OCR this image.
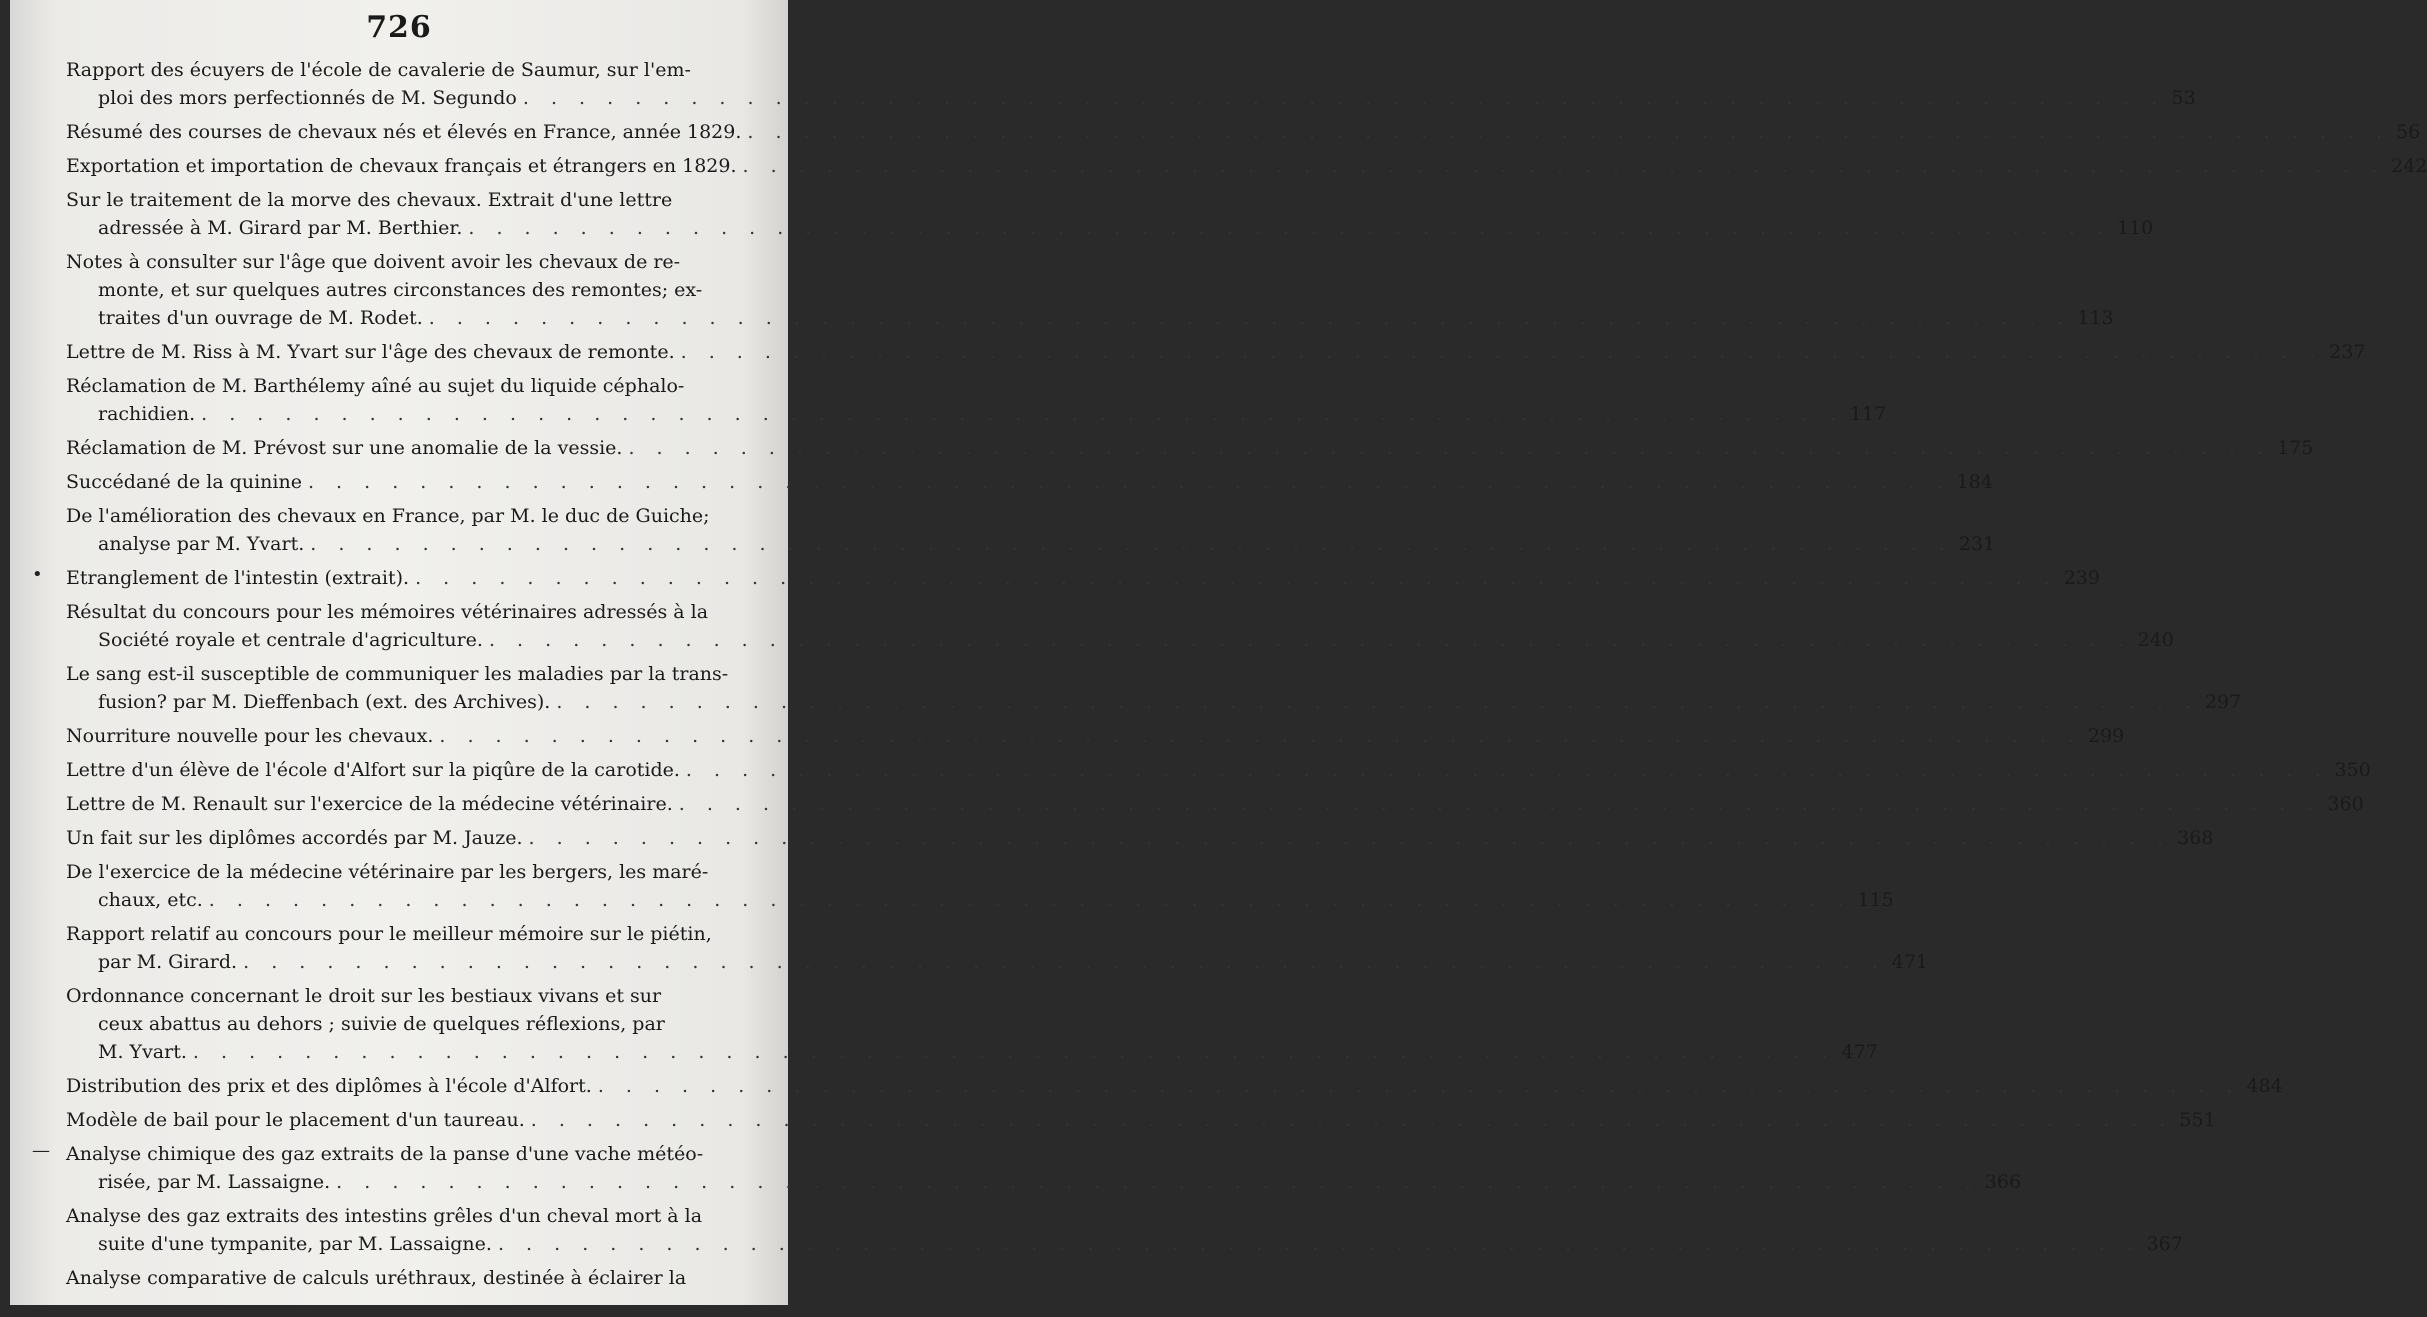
726
Rapport des écuyers de l'école de cavalerie de Saumur, sur l'em-
ploi des mors perfectionnés de M. Segundo . . .	53
Résumé des courses de chevaux nés et élevés en France, année 1829. . . .	56
Exportation et importation de chevaux français et étrangers en 1829. . . .	242
Sur le traitement de la morve des chevaux. Extrait d'une lettre
adressée à M. Girard par M. Berthier. . . .	110
Notes à consulter sur l'âge que doivent avoir les chevaux de re-
monte, et sur quelques autres circonstances des remontes; ex-
traites d'un ouvrage de M. Rodet. . . .	113
Lettre de M. Riss à M. Yvart sur l'âge des chevaux de remonte. . . .	237
Réclamation de M. Barthélemy aîné au sujet du liquide céphalo-
rachidien. . . .	117
Réclamation de M. Prévost sur une anomalie de la vessie. . . .	175
Succédané de la quinine . . .	184
De l'amélioration des chevaux en France, par M. le duc de Guiche;
analyse par M. Yvart. . . .	231
• Etranglement de l'intestin (extrait). . . .	239
Résultat du concours pour les mémoires vétérinaires adressés à la
Société royale et centrale d'agriculture. . . .	240
Le sang est-il susceptible de communiquer les maladies par la trans-
fusion? par M. Dieffenbach (ext. des Archives). . . .	297
Nourriture nouvelle pour les chevaux. . . .	299
Lettre d'un élève de l'école d'Alfort sur la piqûre de la carotide. . . .	350
Lettre de M. Renault sur l'exercice de la médecine vétérinaire. . . .	360
Un fait sur les diplômes accordés par M. Jauze. . . .	368
De l'exercice de la médecine vétérinaire par les bergers, les maré-
chaux, etc. . . .	115
Rapport relatif au concours pour le meilleur mémoire sur le piétin,
par M. Girard. . . .	471
Ordonnance concernant le droit sur les bestiaux vivans et sur
ceux abattus au dehors ; suivie de quelques réflexions, par
M. Yvart. . . .	477
Distribution des prix et des diplômes à l'école d'Alfort. . . .	484
Modèle de bail pour le placement d'un taureau. . . .	551
— Analyse chimique des gaz extraits de la panse d'une vache météo-
risée, par M. Lassaigne. . . .	366
Analyse des gaz extraits des intestins grêles d'un cheval mort à la
suite d'une tympanite, par M. Lassaigne. . . .	367
Analyse comparative de calculs uréthraux, destinée à éclairer la
